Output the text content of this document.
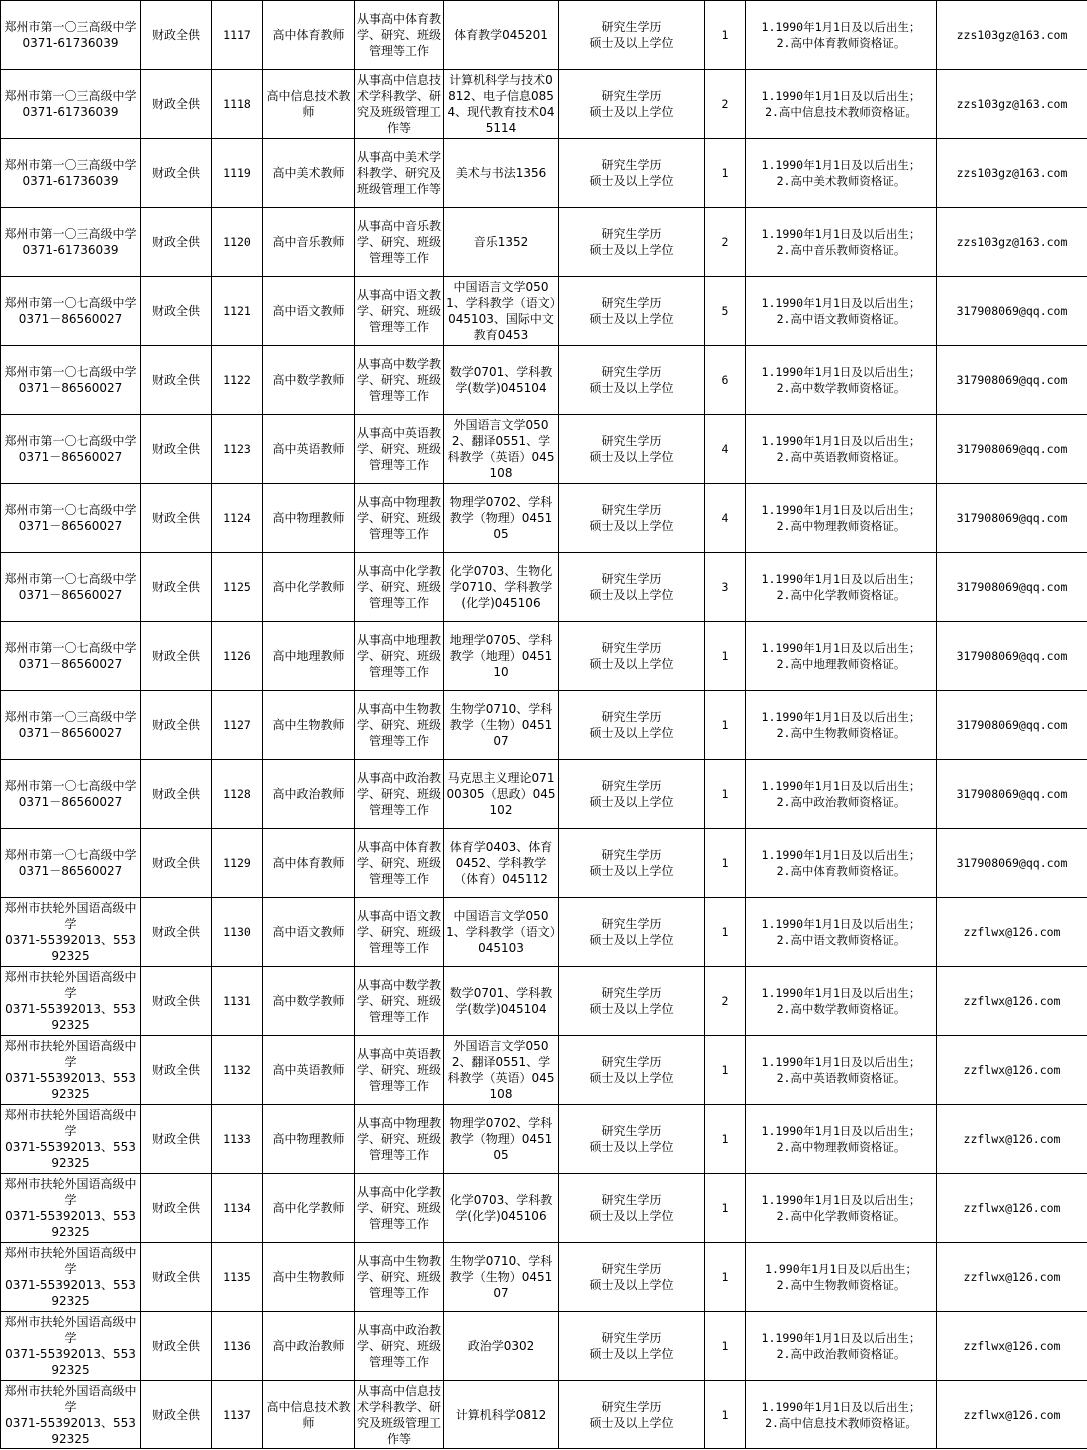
郑州市第一〇三高级中学
0371-61736039	财政全供	1117	高中体育教师	从事高中体育教学、研究、班级管理等工作	体育教学045201	研究生学历
硕士及以上学位	1	1.1990年1月1日及以后出生；
2.高中体育教师资格证。	zzs103gz@163.com
郑州市第一〇三高级中学
0371-61736039	财政全供	1118	高中信息技术教师	从事高中信息技术学科教学、研究及班级管理工作等	计算机科学与技术0812、电子信息0854、现代教育技术045114	研究生学历
硕士及以上学位	2	1.1990年1月1日及以后出生；
2.高中信息技术教师资格证。	zzs103gz@163.com
郑州市第一〇三高级中学
0371-61736039	财政全供	1119	高中美术教师	从事高中美术学科教学、研究及班级管理工作等	美术与书法1356	研究生学历
硕士及以上学位	1	1.1990年1月1日及以后出生；
2.高中美术教师资格证。	zzs103gz@163.com
郑州市第一〇三高级中学
0371-61736039	财政全供	1120	高中音乐教师	从事高中音乐教学、研究、班级管理等工作	音乐1352	研究生学历
硕士及以上学位	2	1.1990年1月1日及以后出生；
2.高中音乐教师资格证。	zzs103gz@163.com
郑州市第一〇七高级中学
0371－86560027	财政全供	1121	高中语文教师	从事高中语文教学、研究、班级管理等工作	中国语言文学0501、学科教学（语文）045103、国际中文教育0453	研究生学历
硕士及以上学位	5	1.1990年1月1日及以后出生；
2.高中语文教师资格证。	317908069@qq.com
郑州市第一〇七高级中学
0371－86560027	财政全供	1122	高中数学教师	从事高中数学教学、研究、班级管理等工作	数学0701、学科教学(数学)045104	研究生学历
硕士及以上学位	6	1.1990年1月1日及以后出生；
2.高中数学教师资格证。	317908069@qq.com
郑州市第一〇七高级中学
0371－86560027	财政全供	1123	高中英语教师	从事高中英语教学、研究、班级管理等工作	外国语言文学0502、翻译0551、学科教学（英语）045108	研究生学历
硕士及以上学位	4	1.1990年1月1日及以后出生；
2.高中英语教师资格证。	317908069@qq.com
郑州市第一〇七高级中学
0371－86560027	财政全供	1124	高中物理教师	从事高中物理教学、研究、班级管理等工作	物理学0702、学科教学（物理）045105	研究生学历
硕士及以上学位	4	1.1990年1月1日及以后出生；
2.高中物理教师资格证。	317908069@qq.com
郑州市第一〇七高级中学
0371－86560027	财政全供	1125	高中化学教师	从事高中化学教学、研究、班级管理等工作	化学0703、生物化学0710、学科教学(化学)045106	研究生学历
硕士及以上学位	3	1.1990年1月1日及以后出生；
2.高中化学教师资格证。	317908069@qq.com
郑州市第一〇七高级中学
0371－86560027	财政全供	1126	高中地理教师	从事高中地理教学、研究、班级管理等工作	地理学0705、学科教学（地理）045110	研究生学历
硕士及以上学位	1	1.1990年1月1日及以后出生；
2.高中地理教师资格证。	317908069@qq.com
郑州市第一〇三高级中学
0371－86560027	财政全供	1127	高中生物教师	从事高中生物教学、研究、班级管理等工作	生物学0710、学科教学（生物）045107	研究生学历
硕士及以上学位	1	1.1990年1月1日及以后出生；
2.高中生物教师资格证。	317908069@qq.com
郑州市第一〇七高级中学
0371－86560027	财政全供	1128	高中政治教师	从事高中政治教学、研究、班级管理等工作	马克思主义理论07100305（思政）045102	研究生学历
硕士及以上学位	1	1.1990年1月1日及以后出生；
2.高中政治教师资格证。	317908069@qq.com
郑州市第一〇七高级中学
0371－86560027	财政全供	1129	高中体育教师	从事高中体育教学、研究、班级管理等工作	体育学0403、体育0452、学科教学（体育）045112	研究生学历
硕士及以上学位	1	1.1990年1月1日及以后出生；
2.高中体育教师资格证。	317908069@qq.com
郑州市扶轮外国语高级中学
0371-55392013、55392325	财政全供	1130	高中语文教师	从事高中语文教学、研究、班级管理等工作	中国语言文学0501、学科教学（语文）045103	研究生学历
硕士及以上学位	1	1.1990年1月1日及以后出生；
2.高中语文教师资格证。	zzflwx@126.com
郑州市扶轮外国语高级中学
0371-55392013、55392325	财政全供	1131	高中数学教师	从事高中数学教学、研究、班级管理等工作	数学0701、学科教学(数学)045104	研究生学历
硕士及以上学位	2	1.1990年1月1日及以后出生；
2.高中数学教师资格证。	zzflwx@126.com
郑州市扶轮外国语高级中学
0371-55392013、55392325	财政全供	1132	高中英语教师	从事高中英语教学、研究、班级管理等工作	外国语言文学0502、翻译0551、学科教学（英语）045108	研究生学历
硕士及以上学位	1	1.1990年1月1日及以后出生；
2.高中英语教师资格证。	zzflwx@126.com
郑州市扶轮外国语高级中学
0371-55392013、55392325	财政全供	1133	高中物理教师	从事高中物理教学、研究、班级管理等工作	物理学0702、学科教学（物理）045105	研究生学历
硕士及以上学位	1	1.1990年1月1日及以后出生；
2.高中物理教师资格证。	zzflwx@126.com
郑州市扶轮外国语高级中学
0371-55392013、55392325	财政全供	1134	高中化学教师	从事高中化学教学、研究、班级管理等工作	化学0703、学科教学(化学)045106	研究生学历
硕士及以上学位	1	1.1990年1月1日及以后出生；
2.高中化学教师资格证。	zzflwx@126.com
郑州市扶轮外国语高级中学
0371-55392013、55392325	财政全供	1135	高中生物教师	从事高中生物教学、研究、班级管理等工作	生物学0710、学科教学（生物）045107	研究生学历
硕士及以上学位	1	1.990年1月1日及以后出生；
2.高中生物教师资格证。	zzflwx@126.com
郑州市扶轮外国语高级中学
0371-55392013、55392325	财政全供	1136	高中政治教师	从事高中政治教学、研究、班级管理等工作	政治学0302	研究生学历
硕士及以上学位	1	1.1990年1月1日及以后出生；
2.高中政治教师资格证。	zzflwx@126.com
郑州市扶轮外国语高级中学
0371-55392013、55392325	财政全供	1137	高中信息技术教师	从事高中信息技术学科教学、研究及班级管理工作等	计算机科学0812	研究生学历
硕士及以上学位	1	1.1990年1月1日及以后出生；
2.高中信息技术教师资格证。	zzflwx@126.com
